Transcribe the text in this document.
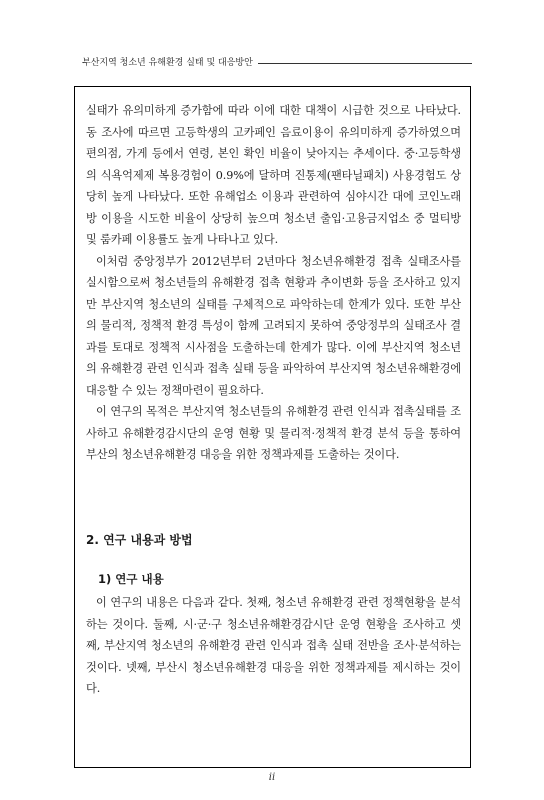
부산지역 청소년 유해환경 실태 및 대응방안

실태가 유의미하게 증가함에 따라 이에 대한 대책이 시급한 것으로 나타났다. 동 조사에 따르면 고등학생의 고카페인 음료이용이 유의미하게 증가하였으며 편의점, 가게 등에서 연령, 본인 확인 비율이 낮아지는 추세이다. 중·고등학생의 식욕억제제 복용경험이 0.9%에 달하며 진통제(팬타닐패치) 사용경험도 상당히 높게 나타났다. 또한 유해업소 이용과 관련하여 심야시간 대에 코인노래방 이용을 시도한 비율이 상당히 높으며 청소년 출입·고용금지업소 중 멀티방 및 룸카페 이용률도 높게 나타나고 있다.

이처럼 중앙정부가 2012년부터 2년마다 청소년유해환경 접촉 실태조사를 실시함으로써 청소년들의 유해환경 접촉 현황과 추이변화 등을 조사하고 있지만 부산지역 청소년의 실태를 구체적으로 파악하는데 한계가 있다. 또한 부산의 물리적, 정책적 환경 특성이 함께 고려되지 못하여 중앙정부의 실태조사 결과를 토대로 정책적 시사점을 도출하는데 한계가 많다. 이에 부산지역 청소년의 유해환경 관련 인식과 접촉 실태 등을 파악하여 부산지역 청소년유해환경에 대응할 수 있는 정책마련이 필요하다.

이 연구의 목적은 부산지역 청소년들의 유해환경 관련 인식과 접촉실태를 조사하고 유해환경감시단의 운영 현황 및 물리적·정책적 환경 분석 등을 통하여 부산의 청소년유해환경 대응을 위한 정책과제를 도출하는 것이다.

2. 연구 내용과 방법
1) 연구 내용

이 연구의 내용은 다음과 같다. 첫째, 청소년 유해환경 관련 정책현황을 분석하는 것이다. 둘째, 시·군·구 청소년유해환경감시단 운영 현황을 조사하고 셋째, 부산지역 청소년의 유해환경 관련 인식과 접촉 실태 전반을 조사·분석하는 것이다. 넷째, 부산시 청소년유해환경 대응을 위한 정책과제를 제시하는 것이다.

ii
